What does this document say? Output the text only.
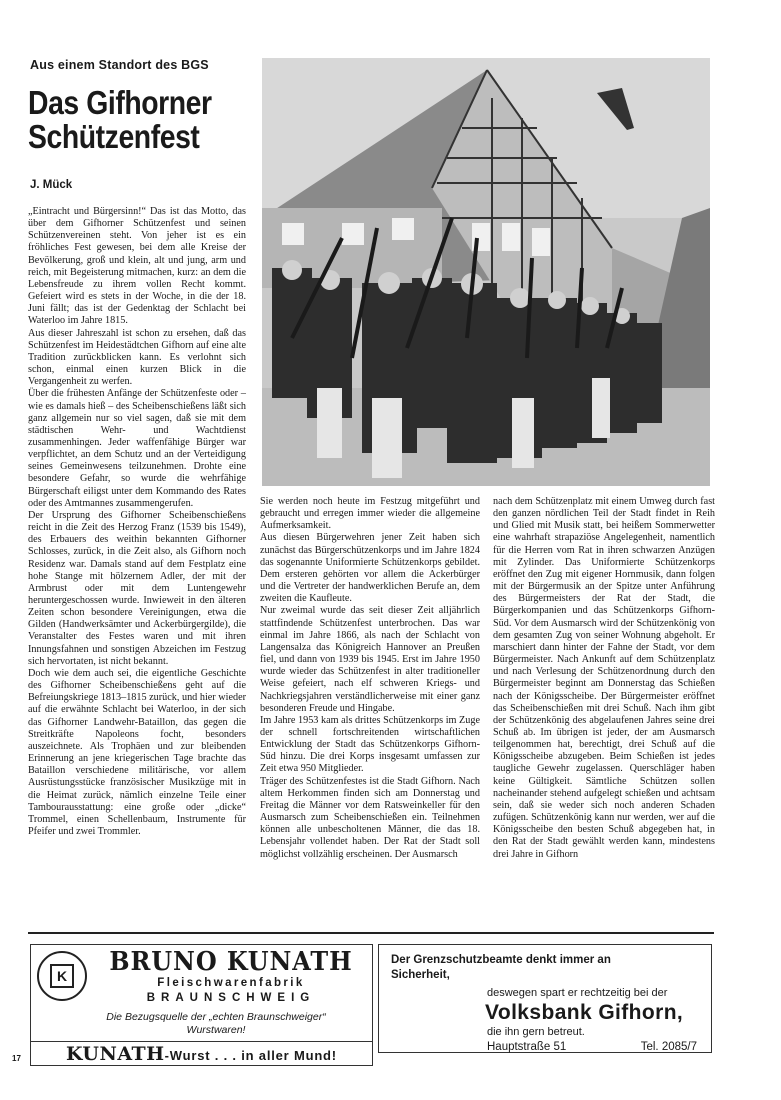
Aus einem Standort des BGS
Das Gifhorner
Schützenfest
J. Mück

„Eintracht und Bürgersinn!“ Das ist das Motto, das über dem Gifhorner Schützenfest und seinen Schützenvereinen steht. Von jeher ist es ein fröhliches Fest gewesen, bei dem alle Kreise der Bevölkerung, groß und klein, alt und jung, arm und reich, mit Begeisterung mitmachen, kurz: an dem die Lebensfreude zu ihrem vollen Recht kommt. Gefeiert wird es stets in der Woche, in die der 18. Juni fällt; das ist der Gedenktag der Schlacht bei Waterloo im Jahre 1815.

Aus dieser Jahreszahl ist schon zu ersehen, daß das Schützenfest im Heidestädtchen Gifhorn auf eine alte Tradition zurückblicken kann. Es verlohnt sich schon, einmal einen kurzen Blick in die Vergangenheit zu werfen.

Über die frühesten Anfänge der Schützenfeste oder – wie es damals hieß – des Scheibenschießens läßt sich ganz allgemein nur so viel sagen, daß sie mit dem städtischen Wehr- und Wachtdienst zusammenhingen. Jeder waffenfähige Bürger war verpflichtet, an dem Schutz und an der Verteidigung seines Gemeinwesens teilzunehmen. Drohte eine besondere Gefahr, so wurde die wehrfähige Bürgerschaft eiligst unter dem Kommando des Rates oder des Amtmannes zusammengerufen.

Der Ursprung des Gifhorner Scheibenschießens reicht in die Zeit des Herzog Franz (1539 bis 1549), des Erbauers des weithin bekannten Gifhorner Schlosses, zurück, in die Zeit also, als Gifhorn noch Residenz war. Damals stand auf dem Festplatz eine hohe Stange mit hölzernem Adler, der mit der Armbrust oder mit dem Luntengewehr heruntergeschossen wurde. Inwieweit in den älteren Zeiten schon besondere Vereinigungen, etwa die Gilden (Handwerksämter und Ackerbürgergilde), die Veranstalter des Festes waren und mit ihren Innungsfahnen und sonstigen Abzeichen im Festzug sich hervortaten, ist nicht bekannt.

Doch wie dem auch sei, die eigentliche Geschichte des Gifhorner Scheibenschießens geht auf die Befreiungskriege 1813–1815 zurück, und hier wieder auf die erwähnte Schlacht bei Waterloo, in der sich das Gifhorner Landwehr-Bataillon, das gegen die Streitkräfte Napoleons focht, besonders auszeichnete. Als Trophäen und zur bleibenden Erinnerung an jene kriegerischen Tage brachte das Bataillon verschiedene militärische, vor allem Ausrüstungsstücke französischer Musikzüge mit in die Heimat zurück, nämlich einzelne Teile einer Tambourausstattung: eine große oder „dicke“ Trommel, einen Schellenbaum, Instrumente für Pfeifer und zwei Trommler.

Sie werden noch heute im Festzug mitgeführt und gebraucht und erregen immer wieder die allgemeine Aufmerksamkeit.

Aus diesen Bürgerwehren jener Zeit haben sich zunächst das Bürgerschützenkorps und im Jahre 1824 das sogenannte Uniformierte Schützenkorps gebildet. Dem ersteren gehörten vor allem die Ackerbürger und die Vertreter der handwerklichen Berufe an, dem zweiten die Kaufleute.

Nur zweimal wurde das seit dieser Zeit alljährlich stattfindende Schützenfest unterbrochen. Das war einmal im Jahre 1866, als nach der Schlacht von Langensalza das Königreich Hannover an Preußen fiel, und dann von 1939 bis 1945. Erst im Jahre 1950 wurde wieder das Schützenfest in alter traditioneller Weise gefeiert, nach elf schweren Kriegs- und Nachkriegsjahren verständlicherweise mit einer ganz besonderen Freude und Hingabe.

Im Jahre 1953 kam als drittes Schützenkorps im Zuge der schnell fortschreitenden wirtschaftlichen Entwicklung der Stadt das Schützenkorps Gifhorn-Süd hinzu. Die drei Korps insgesamt umfassen zur Zeit etwa 950 Mitglieder.

Träger des Schützenfestes ist die Stadt Gifhorn. Nach altem Herkommen finden sich am Donnerstag und Freitag die Männer vor dem Ratsweinkeller für den Ausmarsch zum Scheibenschießen ein. Teilnehmen können alle unbescholtenen Männer, die das 18. Lebensjahr vollendet haben. Der Rat der Stadt soll möglichst vollzählig erscheinen. Der Ausmarsch

nach dem Schützenplatz mit einem Umweg durch fast den ganzen nördlichen Teil der Stadt findet in Reih und Glied mit Musik statt, bei heißem Sommerwetter eine wahrhaft strapaziöse Angelegenheit, namentlich für die Herren vom Rat in ihren schwarzen Anzügen mit Zylinder. Das Uniformierte Schützenkorps eröffnet den Zug mit eigener Hornmusik, dann folgen mit der Bürgermusik an der Spitze unter Anführung des Bürgermeisters der Rat der Stadt, die Bürgerkompanien und das Schützenkorps Gifhorn-Süd. Vor dem Ausmarsch wird der Schützenkönig von dem gesamten Zug von seiner Wohnung abgeholt. Er marschiert dann hinter der Fahne der Stadt, vor dem Bürgermeister. Nach Ankunft auf dem Schützenplatz und nach Verlesung der Schützenordnung durch den Bürgermeister beginnt am Donnerstag das Schießen nach der Königsscheibe. Der Bürgermeister eröffnet das Scheibenschießen mit drei Schuß. Nach ihm gibt der Schützenkönig des abgelaufenen Jahres seine drei Schuß ab. Im übrigen ist jeder, der am Ausmarsch teilgenommen hat, berechtigt, drei Schuß auf die Königsscheibe abzugeben. Beim Schießen ist jedes taugliche Gewehr zugelassen. Querschläger haben keine Gültigkeit. Sämtliche Schützen sollen nacheinander stehend aufgelegt schießen und achtsam sein, daß sie weder sich noch anderen Schaden zufügen. Schützenkönig kann nur werden, wer auf die Königsscheibe den besten Schuß abgegeben hat, in den Rat der Stadt gewählt werden kann, mindestens drei Jahre in Gifhorn

K BRUNO KUNATH
Fleischwarenfabrik
BRAUNSCHWEIG
Die Bezugsquelle der „echten Braunschweiger“
Wurstwaren!
KUNATH-Wurst . . . in aller Mund!
Der Grenzschutzbeamte denkt immer an Sicherheit,
deswegen spart er rechtzeitig bei der
Volksbank Gifhorn,
die ihn gern betreut.
Hauptstraße 51	Tel. 2085/7
17
